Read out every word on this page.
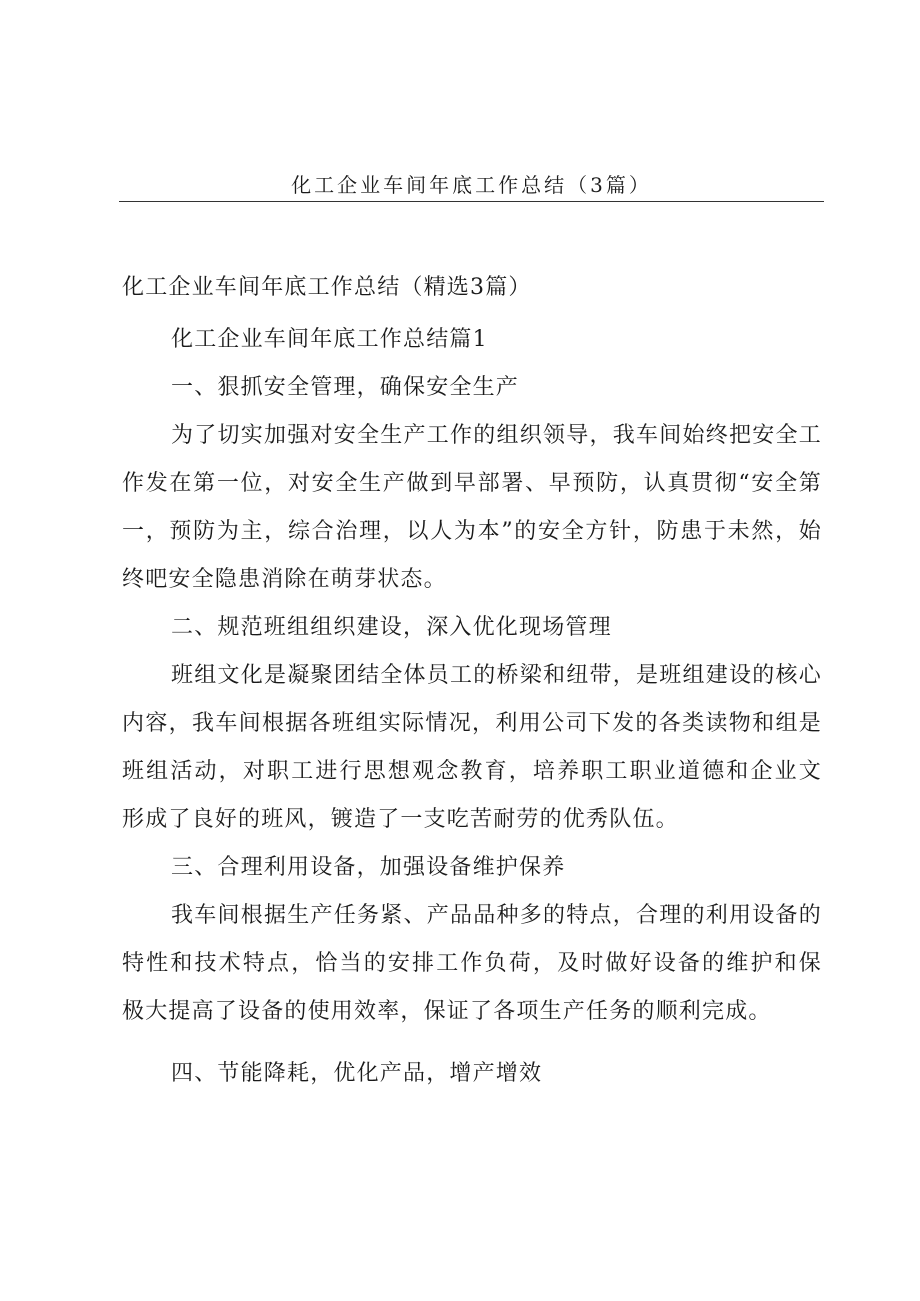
化工企业车间年底工作总结（3篇）
化工企业车间年底工作总结（精选3篇）
化工企业车间年底工作总结篇1
一、狠抓安全管理，确保安全生产
为了切实加强对安全生产工作的组织领导，我车间始终把安全工
作发在第一位，对安全生产做到早部署、早预防，认真贯彻“安全第
一，预防为主，综合治理，以人为本”的安全方针，防患于未然，始
终吧安全隐患消除在萌芽状态。
二、规范班组组织建设，深入优化现场管理
班组文化是凝聚团结全体员工的桥梁和纽带，是班组建设的核心
内容，我车间根据各班组实际情况，利用公司下发的各类读物和组是
班组活动，对职工进行思想观念教育，培养职工职业道德和企业文
形成了良好的班风，镀造了一支吃苦耐劳的优秀队伍。
三、合理利用设备，加强设备维护保养
我车间根据生产任务紧、产品品种多的特点，合理的利用设备的
特性和技术特点，恰当的安排工作负荷，及时做好设备的维护和保
极大提高了设备的使用效率，保证了各项生产任务的顺利完成。
四、节能降耗，优化产品，增产增效
